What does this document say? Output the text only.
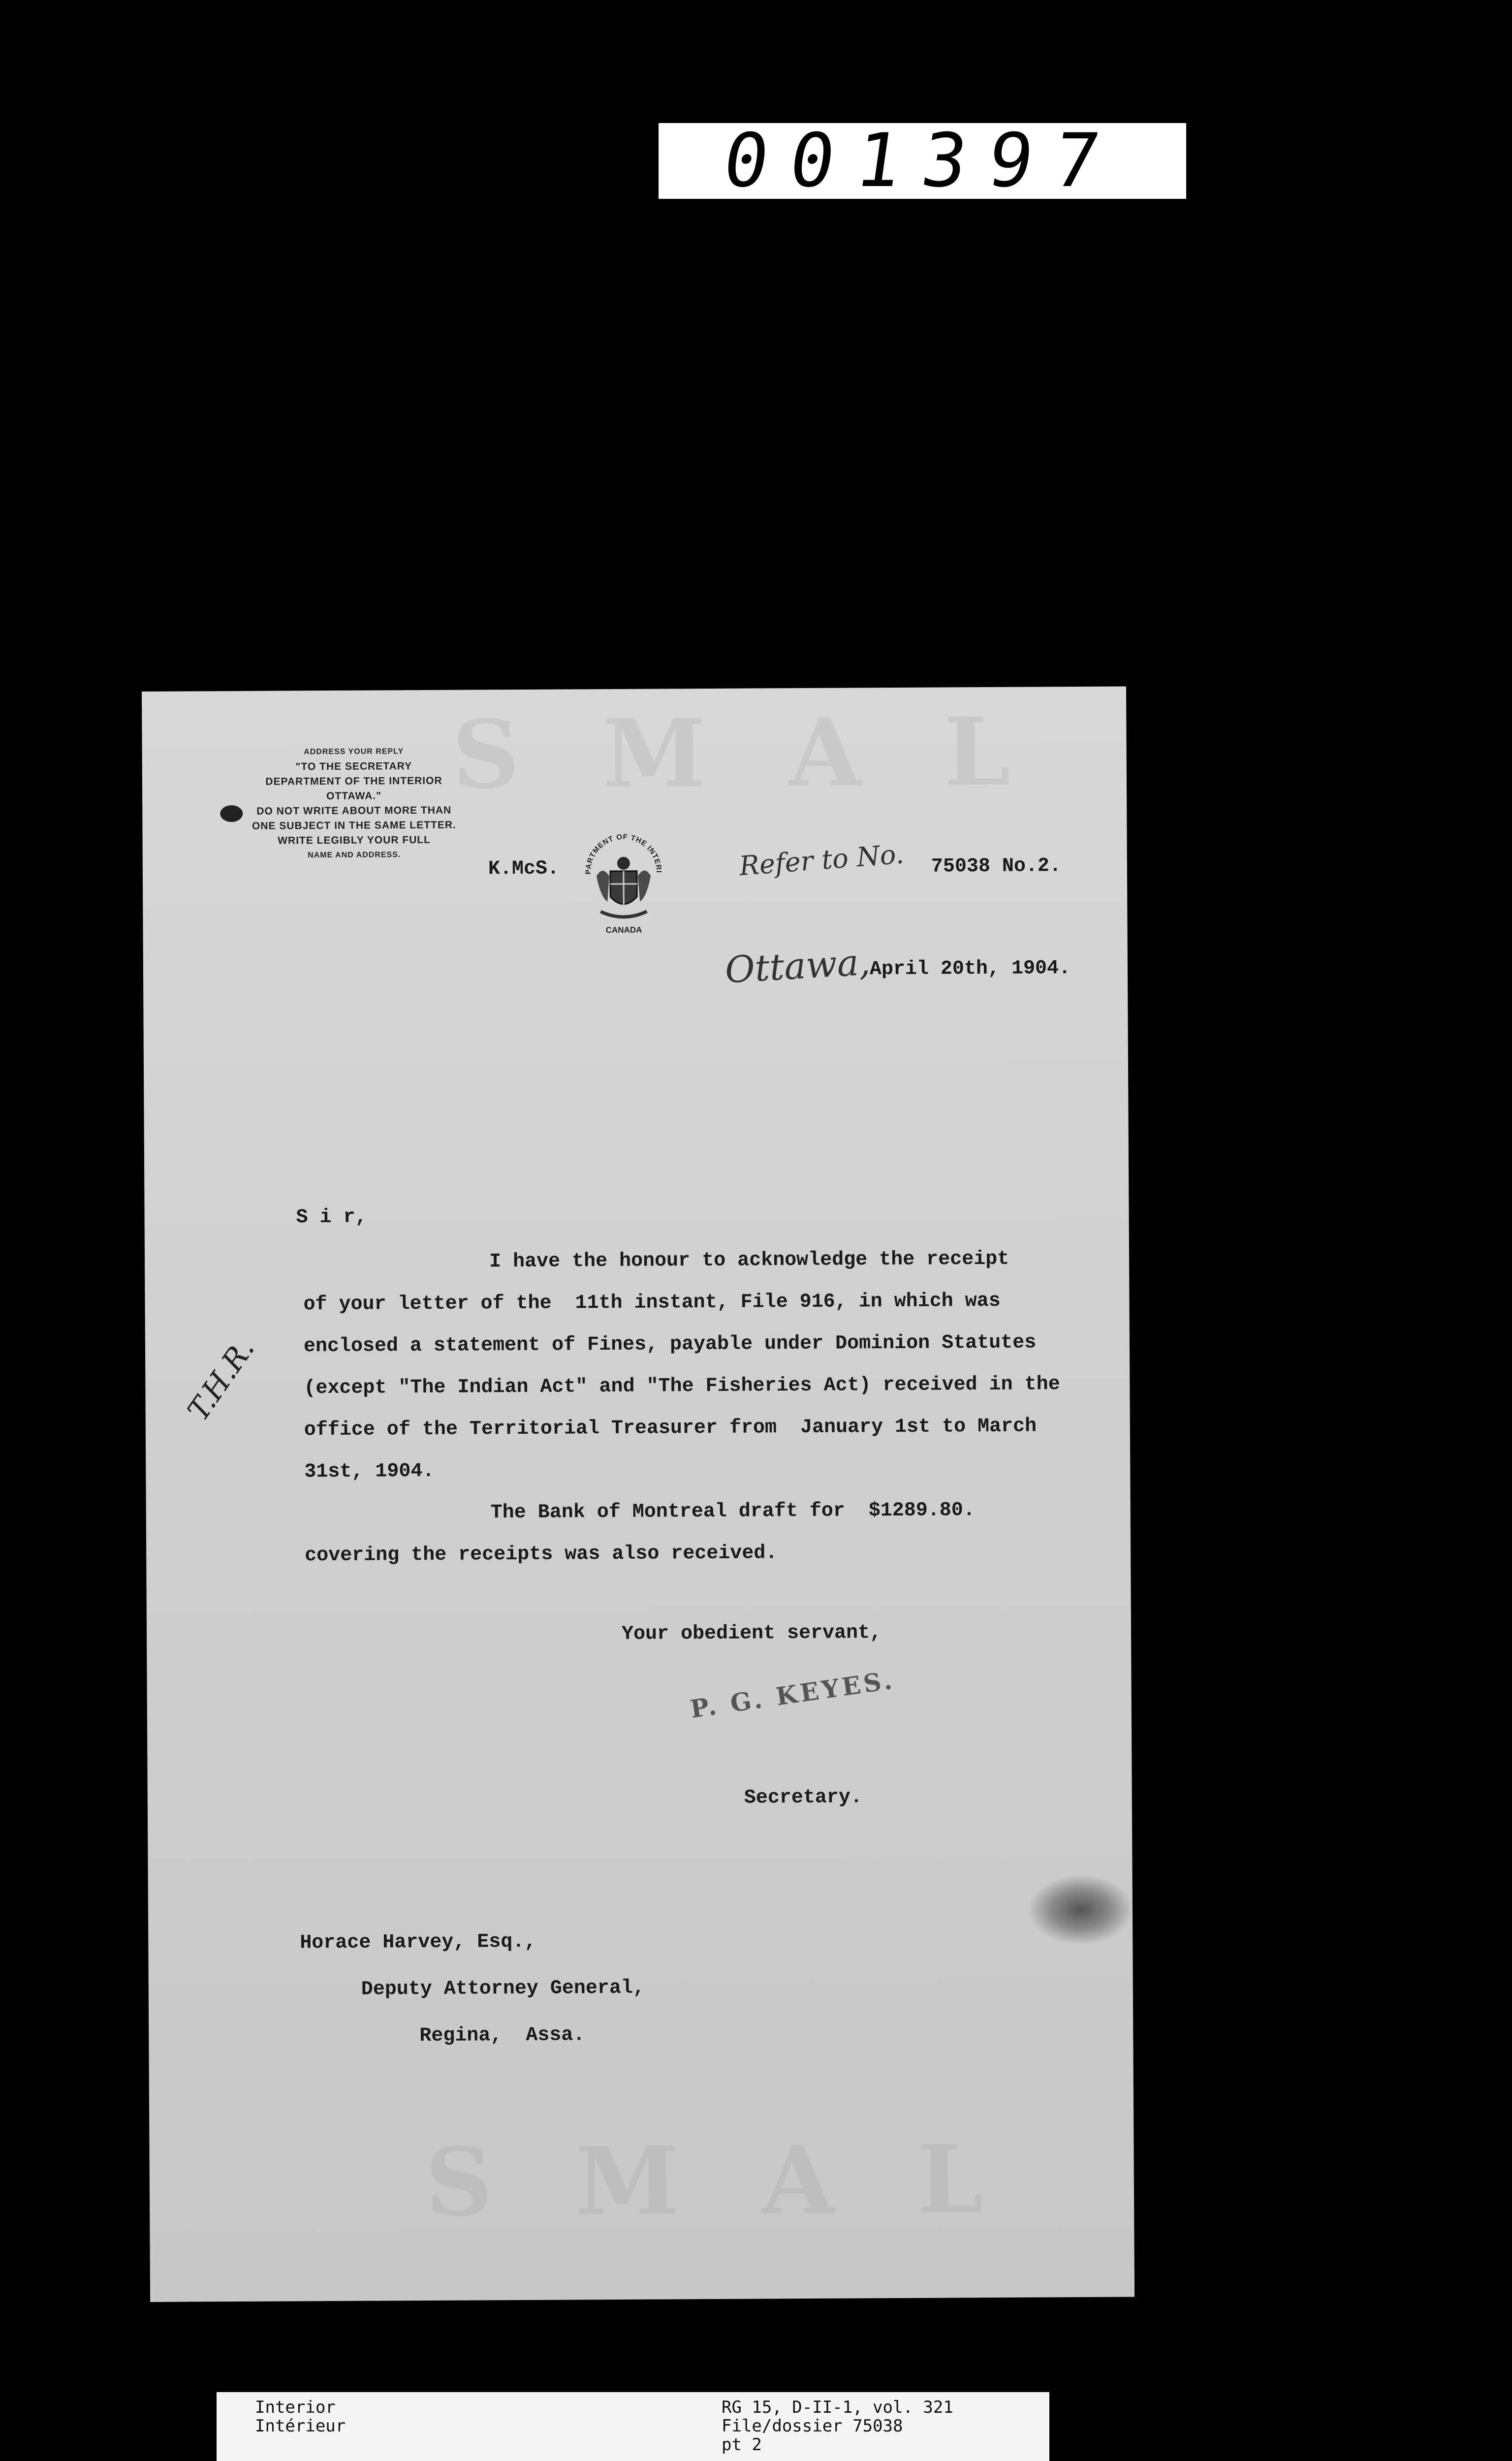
001397
S  M  A  L
S  M  A  L
ADDRESS YOUR REPLY
"TO THE SECRETARY
DEPARTMENT OF THE INTERIOR
OTTAWA."
DO NOT WRITE ABOUT MORE THAN
ONE SUBJECT IN THE SAME LETTER.
WRITE LEGIBLY YOUR FULL
NAME AND ADDRESS.
K.McS.
DEPARTMENT OF THE INTERIOR
CANADA
Refer to No. 75038 No.2.
Ottawa,
April 20th, 1904.
S i r,
I have the honour to acknowledge the receipt
of your letter of the  11th instant, File 916, in which was
enclosed a statement of Fines, payable under Dominion Statutes
(except "The Indian Act" and "The Fisheries Act) received in the
office of the Territorial Treasurer from  January 1st to March
31st, 1904.
The Bank of Montreal draft for  $1289.80.
covering the receipts was also received.
Your obedient servant,
P. G. KEYES.
Secretary.
T.H.R.
Horace Harvey, Esq.,
Deputy Attorney General,
Regina,  Assa.
Interior
Intérieur
RG 15, D-II-1, vol. 321
File/dossier 75038
pt 2
